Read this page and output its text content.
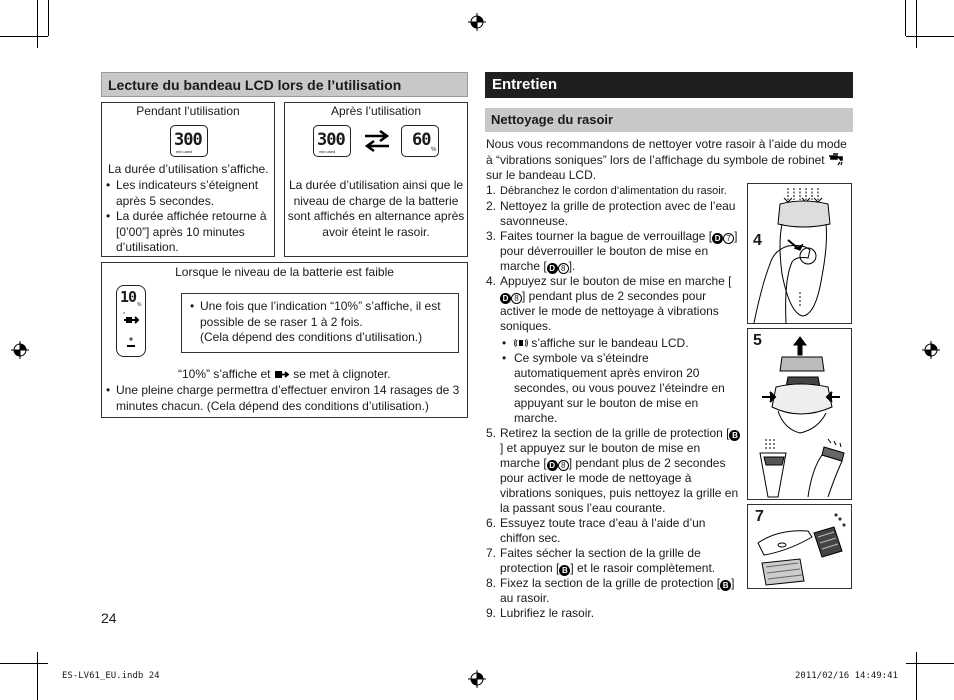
Lecture du bandeau LCD lors de l’utilisation
Pendant l’utilisation
300
min.used
La durée d’utilisation s’affiche.
• Les indicateurs s’éteignent après 5 secondes.
• La durée affichée retourne à [0’00”] après 10 minutes d’utilisation.
Après l’utilisation
300
min.used
60 %
La durée d’utilisation ainsi que le niveau de charge de la batterie sont affichés en alternance après avoir éteint le rasoir.
Lorsque le niveau de la batterie est faible
10 %
•	Une fois que l’indication “10%” s’affiche, il est possible de se raser 1 à 2 fois.
(Cela dépend des conditions d’utilisation.)
“10%” s’affiche et se met à clignoter.
• Une pleine charge permettra d’effectuer environ 14 rasages de 3 minutes chacun. (Cela dépend des conditions d’utilisation.)
24
Entretien
Nettoyage du rasoir
Nous vous recommandons de nettoyer votre rasoir à l’aide du mode à “vibrations soniques” lors de l’affichage du symbole de robinet  sur le bandeau LCD.
1. Débranchez le cordon d’alimentation du rasoir.
2. Nettoyez la grille de protection avec de l’eau savonneuse.
3. Faites tourner la bague de verrouillage [ D 7 ] pour déverrouiller le bouton de mise en marche [ D 8 ].
4. Appuyez sur le bouton de mise en marche [D 8 ] pendant plus de 2 secondes pour activer le mode de nettoyage à vibrations soniques.
• s’affiche sur le bandeau LCD.
• Ce symbole va s’éteindre automatiquement après environ 20 secondes, ou vous pouvez l’éteindre en appuyant sur le bouton de mise en marche.
5. Retirez la section de la grille de protection [ B] et appuyez sur le bouton de mise en marche [ D 8 ] pendant plus de 2 secondes pour activer le mode de nettoyage à vibrations soniques, puis nettoyez la grille en la passant sous l’eau courante.
6. Essuyez toute trace d’eau à l’aide d’un chiffon sec.
7. Faites sécher la section de la grille de protection [ B ] et le rasoir complètement.
8. Fixez la section de la grille de protection [ B ] au rasoir.
9. Lubrifiez le rasoir.
4
5
7
ES-LV61_EU.indb 24	2011/02/16 14:49:41
